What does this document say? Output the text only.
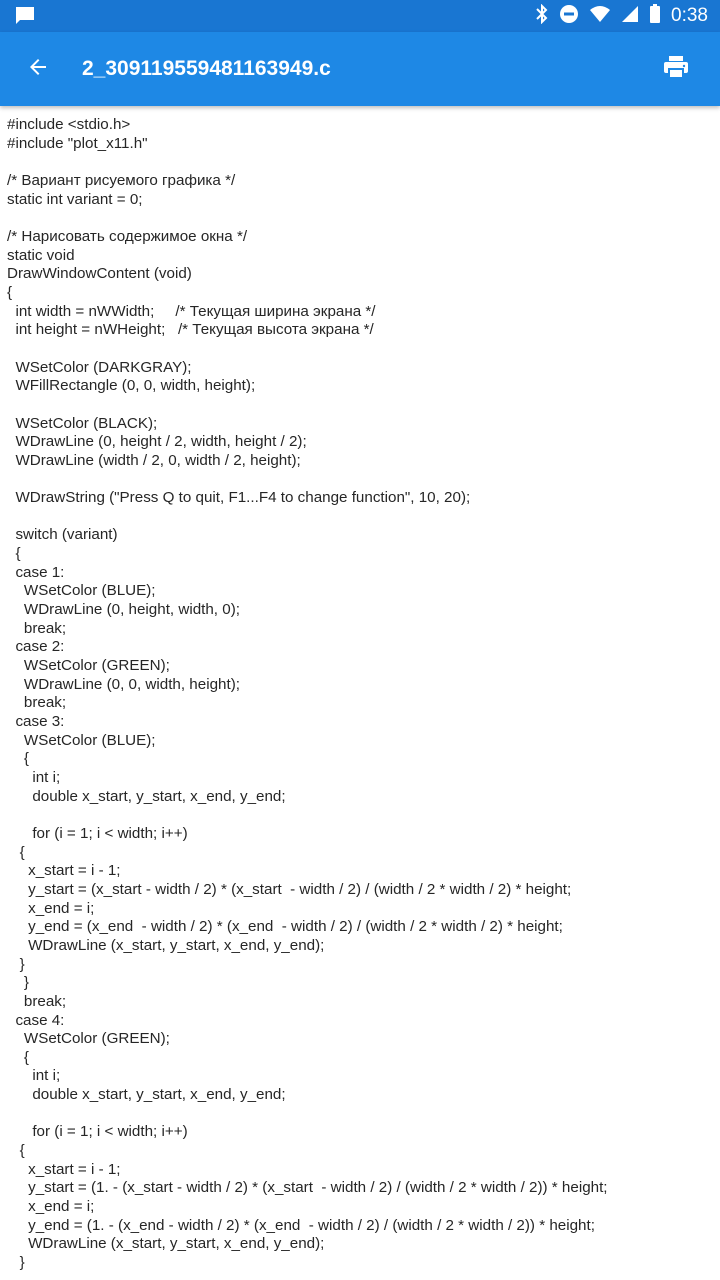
0:38
2_30911955948116394​9.c
#include <stdio.h>
#include "plot_x11.h"
/* Вариант рисуемого графика */
static int variant = 0;
/* Нарисовать содержимое окна */
static void
DrawWindowContent (void)
{
int width = nWWidth;     /* Текущая ширина экрана */
int height = nWHeight;   /* Текущая высота экрана */
WSetColor (DARKGRAY);
WFillRectangle (0, 0, width, height);
WSetColor (BLACK);
WDrawLine (0, height / 2, width, height / 2);
WDrawLine (width / 2, 0, width / 2, height);
WDrawString ("Press Q to quit, F1...F4 to change function", 10, 20);
switch (variant)
{
case 1:
WSetColor (BLUE);
WDrawLine (0, height, width, 0);
break;
case 2:
WSetColor (GREEN);
WDrawLine (0, 0, width, height);
break;
case 3:
WSetColor (BLUE);
{
int i;
double x_start, y_start, x_end, y_end;
for (i = 1; i < width; i++)
{
x_start = i - 1;
y_start = (x_start - width / 2) * (x_start  - width / 2) / (width / 2 * width / 2) * height;
x_end = i;
y_end = (x_end  - width / 2) * (x_end  - width / 2) / (width / 2 * width / 2) * height;
WDrawLine (x_start, y_start, x_end, y_end);
}
}
break;
case 4:
WSetColor (GREEN);
{
int i;
double x_start, y_start, x_end, y_end;
for (i = 1; i < width; i++)
{
x_start = i - 1;
y_start = (1. - (x_start - width / 2) * (x_start  - width / 2) / (width / 2 * width / 2)) * height;
x_end = i;
y_end = (1. - (x_end - width / 2) * (x_end  - width / 2) / (width / 2 * width / 2)) * height;
WDrawLine (x_start, y_start, x_end, y_end);
}
